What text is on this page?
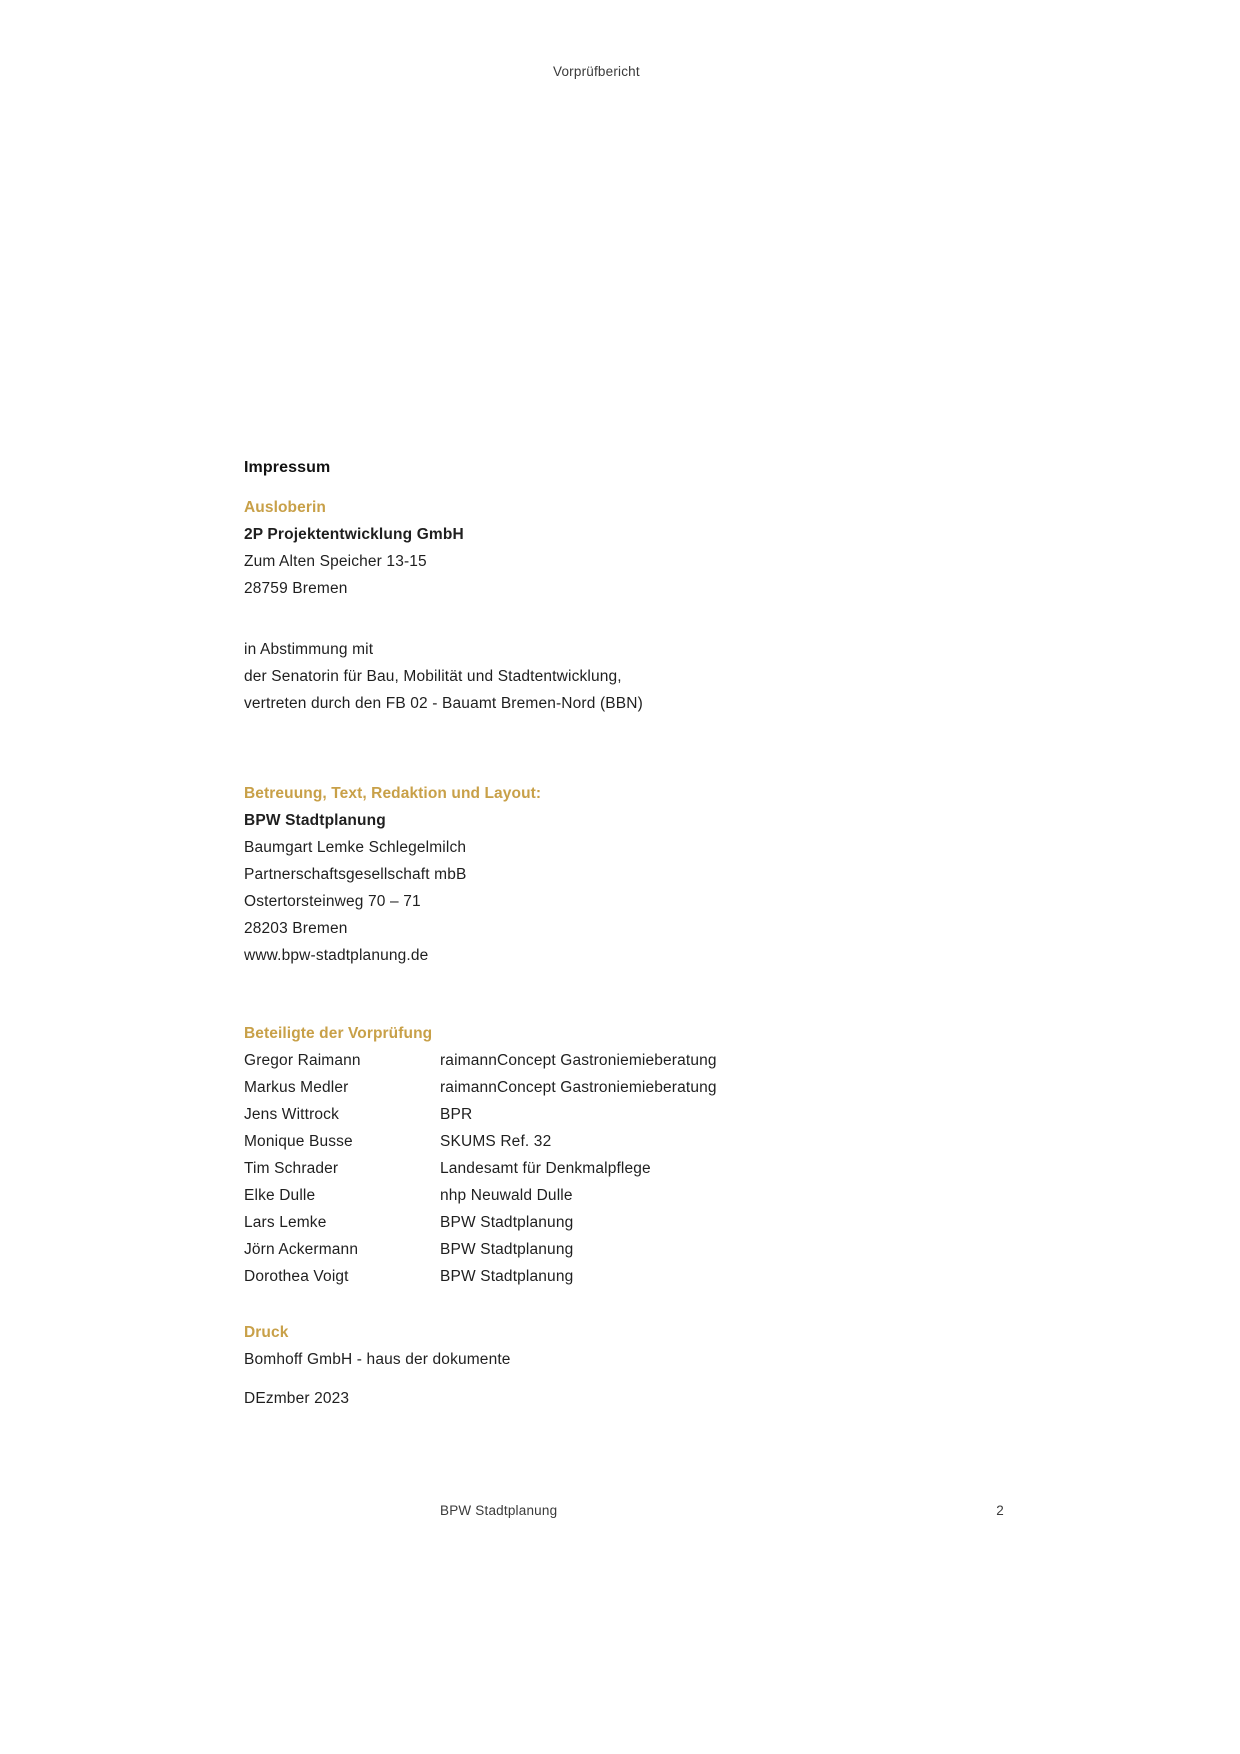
Vorprüfbericht
Impressum
Ausloberin
2P Projektentwicklung GmbH
Zum Alten Speicher 13-15
28759 Bremen
in Abstimmung mit
der Senatorin für Bau, Mobilität und Stadtentwicklung,
vertreten durch den FB 02 - Bauamt Bremen-Nord (BBN)
Betreuung, Text, Redaktion und Layout:
BPW Stadtplanung
Baumgart Lemke Schlegelmilch
Partnerschaftsgesellschaft mbB
Ostertorsteinweg 70 – 71
28203 Bremen
www.bpw-stadtplanung.de
Beteiligte der Vorprüfung
Gregor Raimann	raimannConcept Gastroniemieberatung
Markus Medler	raimannConcept Gastroniemieberatung
Jens Wittrock	BPR
Monique Busse	SKUMS Ref. 32
Tim Schrader	Landesamt für Denkmalpflege
Elke Dulle	nhp Neuwald Dulle
Lars Lemke	BPW Stadtplanung
Jörn Ackermann	BPW Stadtplanung
Dorothea Voigt	BPW Stadtplanung
Druck
Bomhoff GmbH - haus der dokumente
DEzmber 2023
BPW Stadtplanung	2
